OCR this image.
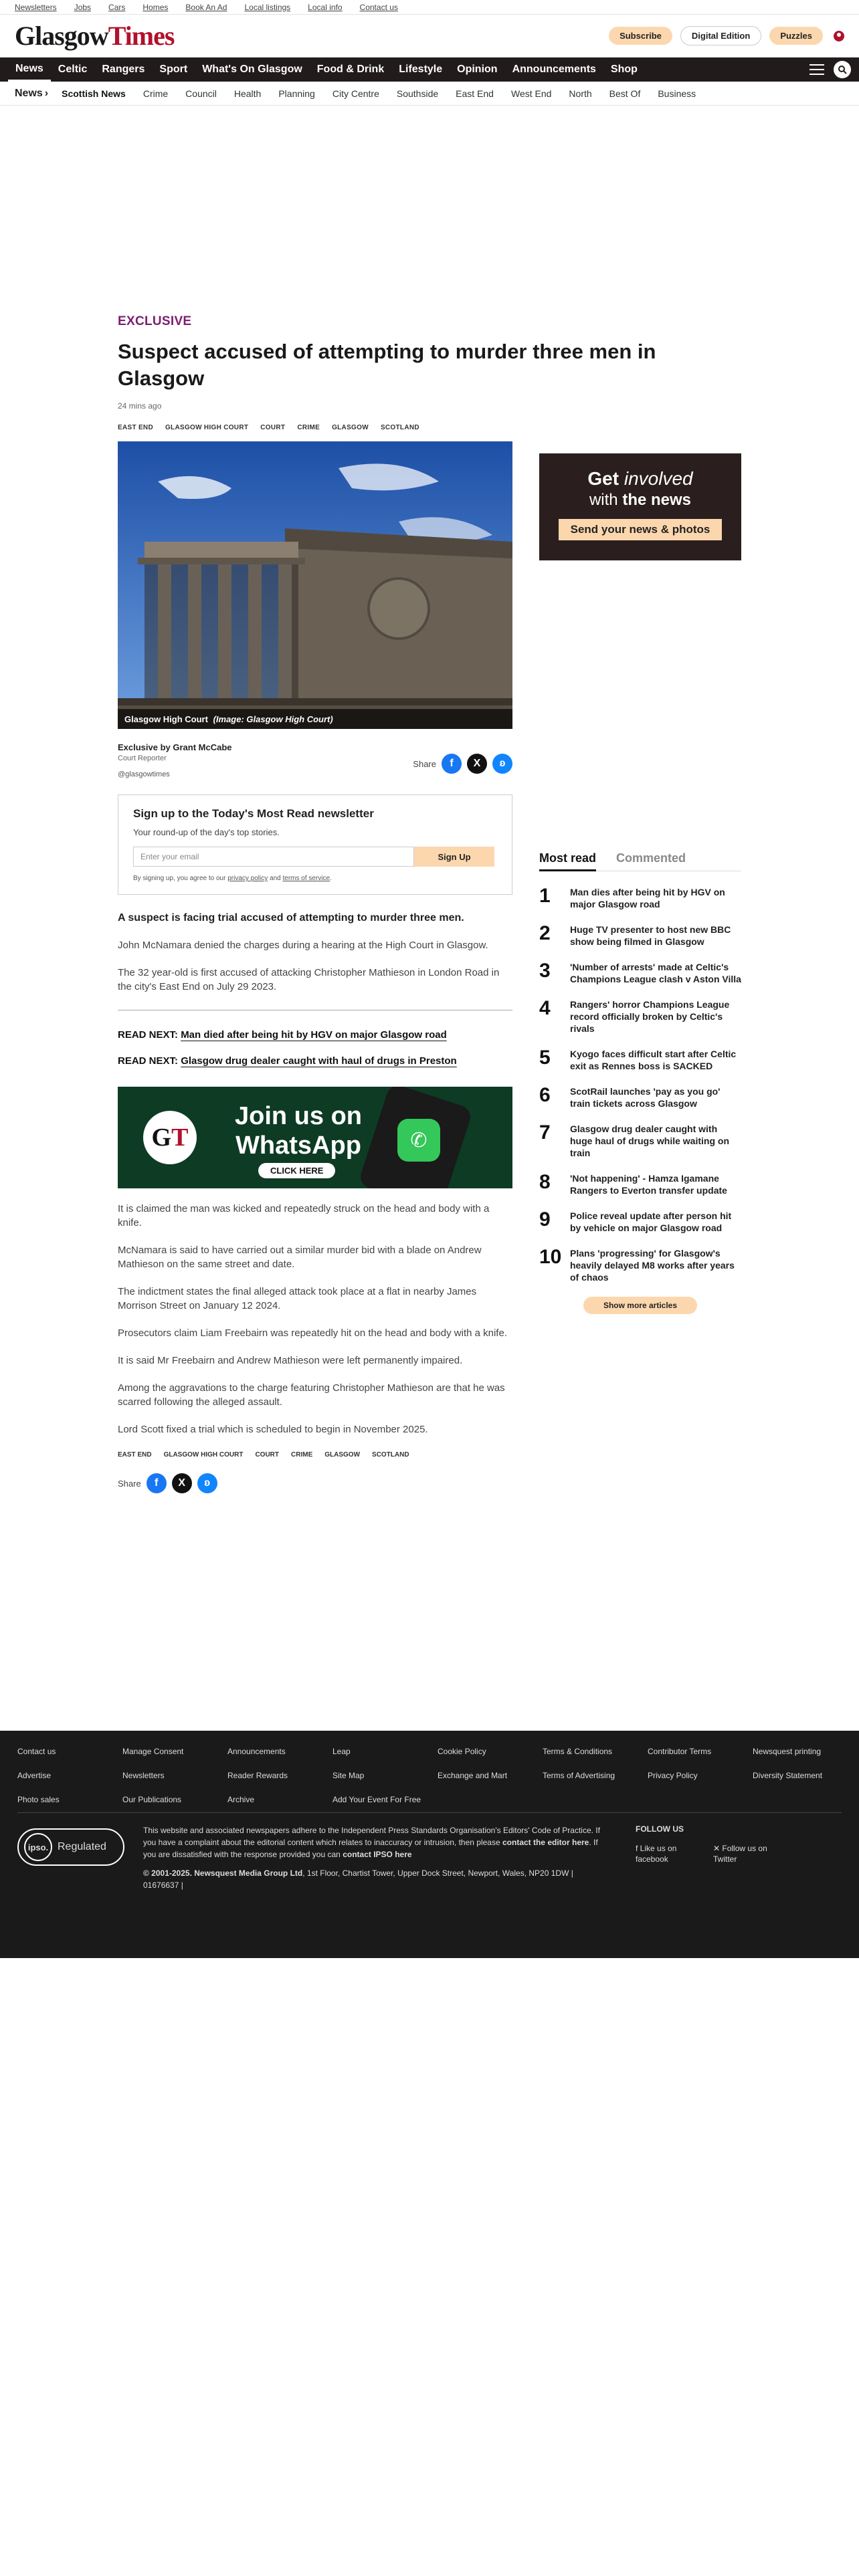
Newsletters Jobs Cars Homes Book An Ad Local listings Local info Contact us
GlasgowTimes	Subscribe	Digital Edition	Puzzles
News	Celtic	Rangers	Sport	What's On Glasgow	Food & Drink	Lifestyle	Opinion	Announcements	Shop
News › Scottish News Crime Council Health Planning City Centre Southside East End West End North Best Of Business
EXCLUSIVE
Suspect accused of attempting to murder three men in Glasgow
24 mins ago
EAST END GLASGOW HIGH COURT COURT CRIME GLASGOW SCOTLAND
Glasgow High Court
(Image: Glasgow High Court)
Exclusive by Grant McCabe
Court Reporter
@glasgowtimes
Share	f	X	ʚ
Sign up to the Today's Most Read newsletter
Your round-up of the day's top stories.
Enter your email	Sign Up
By signing up, you agree to our privacy policy and terms of service.

A suspect is facing trial accused of attempting to murder three men.

John McNamara denied the charges during a hearing at the High Court in Glasgow.

The 32 year-old is first accused of attacking Christopher Mathieson in London Road in the city's East End on July 29 2023.

READ NEXT: Man died after being hit by HGV on major Glasgow road
READ NEXT: Glasgow drug dealer caught with haul of drugs in Preston
G T
Join us on WhatsApp
CLICK HERE
✆

It is claimed the man was kicked and repeatedly struck on the head and body with a knife.

McNamara is said to have carried out a similar murder bid with a blade on Andrew Mathieson on the same street and date.

The indictment states the final alleged attack took place at a flat in nearby James Morrison Street on January 12 2024.

Prosecutors claim Liam Freebairn was repeatedly hit on the head and body with a knife.

It is said Mr Freebairn and Andrew Mathieson were left permanently impaired.

Among the aggravations to the charge featuring Christopher Mathieson are that he was scarred following the alleged assault.

Lord Scott fixed a trial which is scheduled to begin in November 2025.

EAST END GLASGOW HIGH COURT COURT CRIME GLASGOW SCOTLAND
Share	f	X	ʚ
Get involved
with the news
Send your news & photos
Most read Commented
1	Man dies after being hit by HGV on major Glasgow road
2	Huge TV presenter to host new BBC show being filmed in Glasgow
3	'Number of arrests' made at Celtic's Champions League clash v Aston Villa
4	Rangers' horror Champions League record officially broken by Celtic's rivals
5	Kyogo faces difficult start after Celtic exit as Rennes boss is SACKED
6	ScotRail launches 'pay as you go' train tickets across Glasgow
7	Glasgow drug dealer caught with huge haul of drugs while waiting on train
8	'Not happening' - Hamza Igamane Rangers to Everton transfer update
9	Police reveal update after person hit by vehicle on major Glasgow road
10 Plans 'progressing' for Glasgow's heavily delayed M8 works after years of chaos
Show more articles
Contact us	Manage Consent	Announcements	Leap	Cookie Policy	Terms & Conditions	Contributor Terms	Newsquest printing
Advertise	Newsletters	Reader Rewards	Site Map	Exchange and Mart	Terms of Advertising	Privacy Policy	Diversity Statement
Photo sales	Our Publications	Archive	Add Your Event For Free
ipso. Regulated
This website and associated newspapers adhere to the Independent Press Standards Organisation's Editors' Code of Practice. If you have a complaint about the editorial content which relates to inaccuracy or intrusion, then please contact the editor here. If you are dissatisfied with the response provided you can contact IPSO here
© 2001-2025. Newsquest Media Group Ltd, 1st Floor, Chartist Tower, Upper Dock Street, Newport, Wales, NP20 1DW | 01676637 |
FOLLOW US
f Like us on facebook
✕ Follow us on Twitter
